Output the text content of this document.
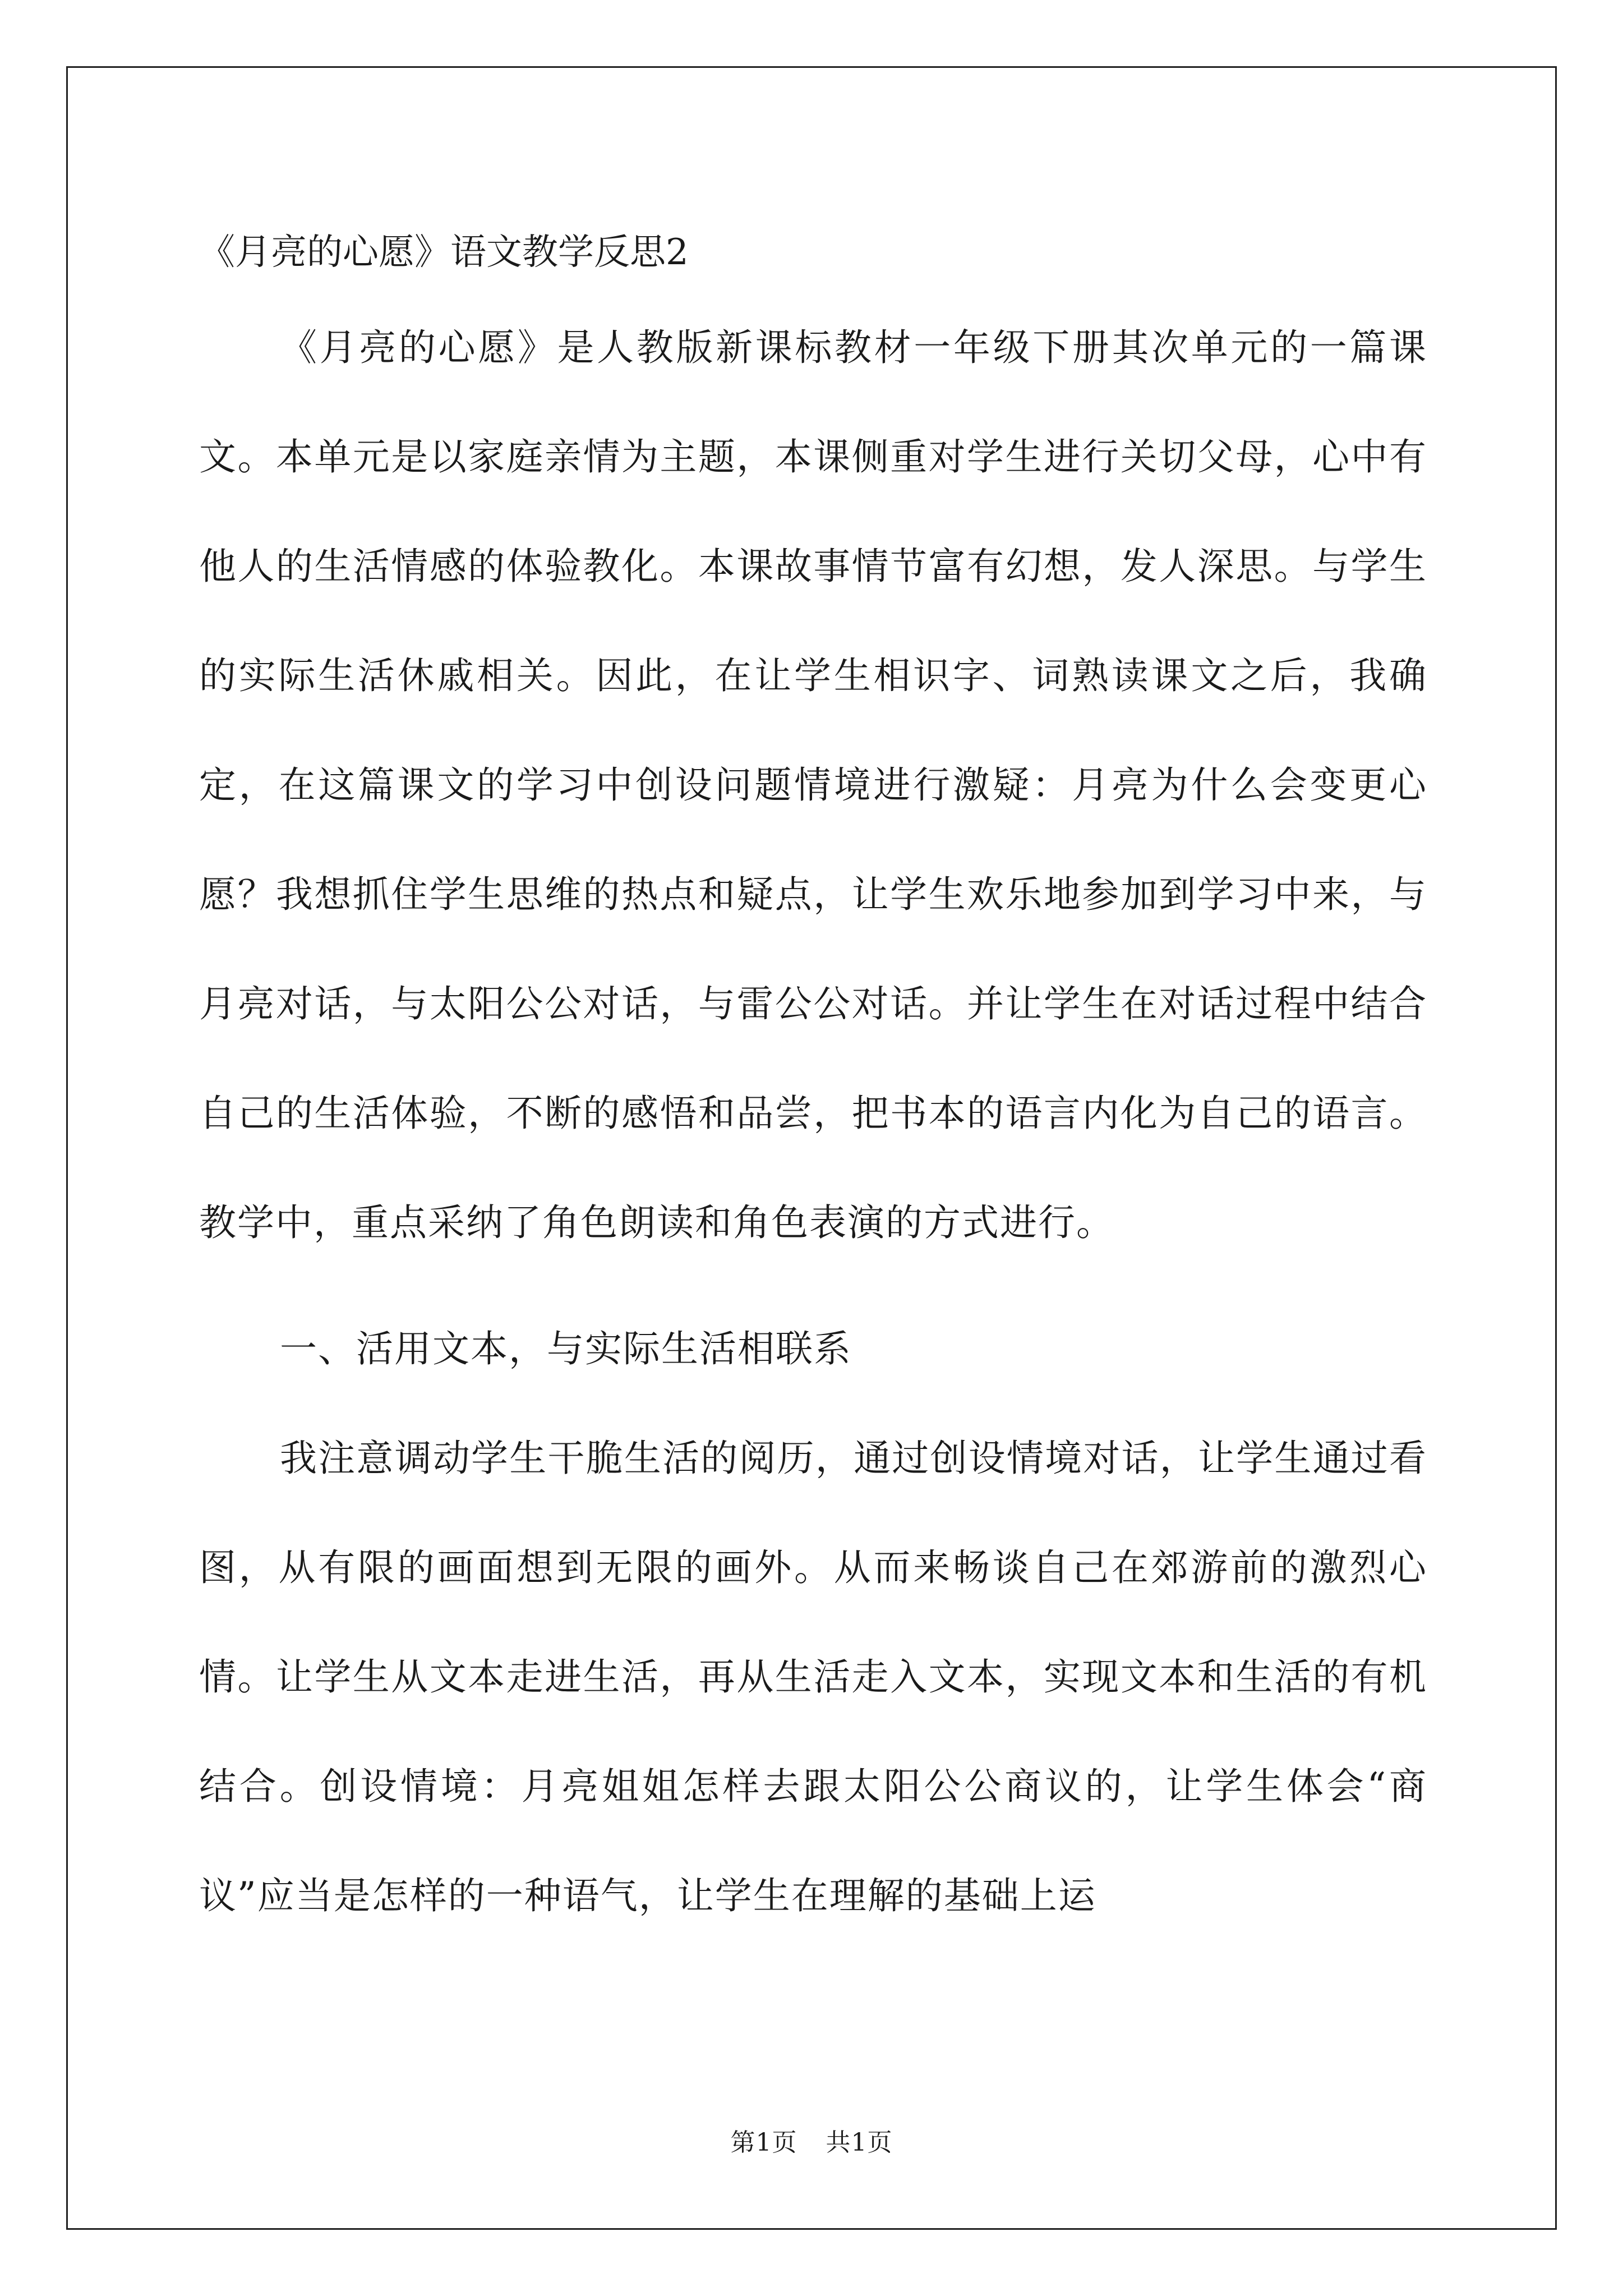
《月亮的心愿》语文教学反思2

《月亮的心愿》是人教版新课标教材一年级下册其次单元的一篇课文。本单元是以家庭亲情为主题，本课侧重对学生进行关切父母，心中有他人的生活情感的体验教化。本课故事情节富有幻想，发人深思。与学生的实际生活休戚相关。因此，在让学生相识字、词熟读课文之后，我确定，在这篇课文的学习中创设问题情境进行激疑：月亮为什么会变更心愿？我想抓住学生思维的热点和疑点，让学生欢乐地参加到学习中来，与月亮对话，与太阳公公对话，与雷公公对话。并让学生在对话过程中结合自己的生活体验，不断的感悟和品尝，把书本的语言内化为自己的语言。教学中，重点采纳了角色朗读和角色表演的方式进行。

一、活用文本，与实际生活相联系

我注意调动学生干脆生活的阅历，通过创设情境对话，让学生通过看图，从有限的画面想到无限的画外。从而来畅谈自己在郊游前的激烈心情。让学生从文本走进生活，再从生活走入文本，实现文本和生活的有机结合。创设情境：月亮姐姐怎样去跟太阳公公商议的，让学生体会“商议”应当是怎样的一种语气，让学生在理解的基础上运

第1页 共1页
